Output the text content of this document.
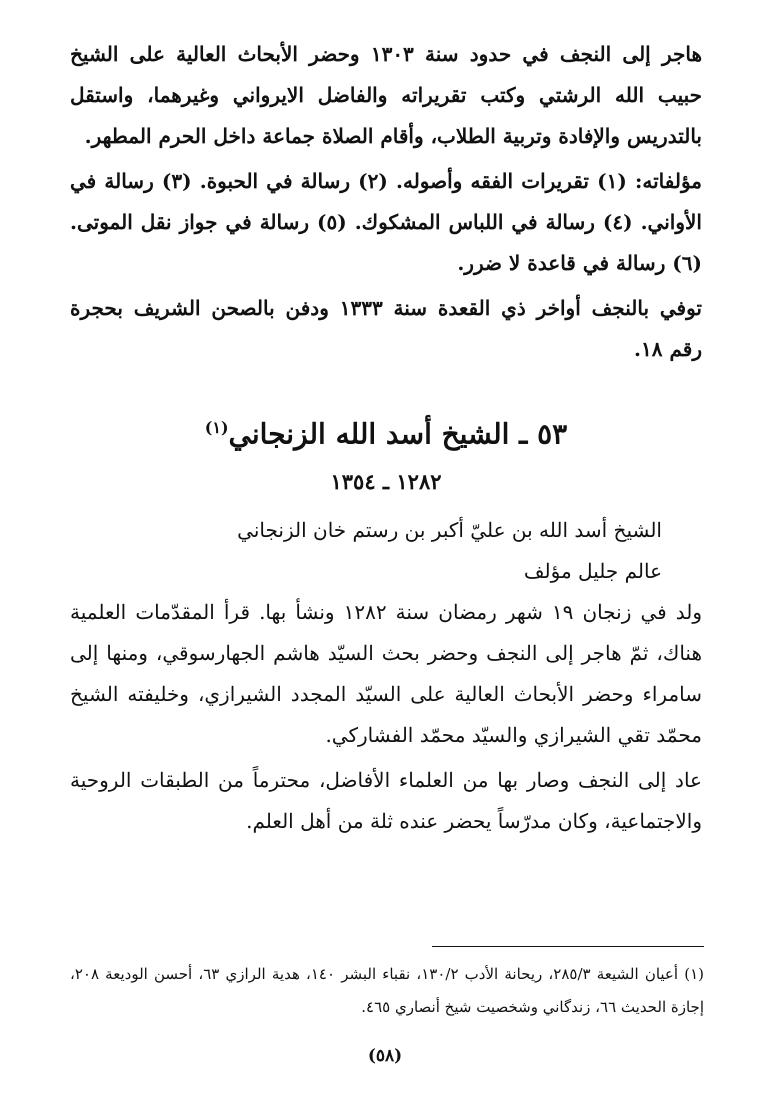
هاجر إلى النجف في حدود سنة ١٣٠٣ وحضر الأبحاث العالية على الشيخ حبيب الله الرشتي وكتب تقريراته والفاضل الايرواني وغيرهما، واستقل بالتدريس والإفادة وتربية الطلاب، وأقام الصلاة جماعة داخل الحرم المطهر.

مؤلفاته: (١) تقريرات الفقه وأصوله. (٢) رسالة في الحبوة. (٣) رسالة في الأواني. (٤) رسالة في اللباس المشكوك. (٥) رسالة في جواز نقل الموتى. (٦) رسالة في قاعدة لا ضرر.

توفي بالنجف أواخر ذي القعدة سنة ١٣٣٣ ودفن بالصحن الشريف بحجرة رقم ١٨.

٥٣ ـ الشيخ أسد الله الزنجاني$^{(١)}$
١٢٨٢ ـ ١٣٥٤

الشيخ أسد الله بن عليّ أكبر بن رستم خان الزنجاني

عالم جليل مؤلف

ولد في زنجان ١٩ شهر رمضان سنة ١٢٨٢ ونشأ بها. قرأ المقدّمات العلمية هناك، ثمّ هاجر إلى النجف وحضر بحث السيّد هاشم الجهارسوقي، ومنها إلى سامراء وحضر الأبحاث العالية على السيّد المجدد الشيرازي، وخليفته الشيخ محمّد تقي الشيرازي والسيّد محمّد الفشاركي.

عاد إلى النجف وصار بها من العلماء الأفاضل، محترماً من الطبقات الروحية والاجتماعية، وكان مدرّساً يحضر عنده ثلة من أهل العلم.

(١) أعيان الشيعة ٢٨٥/٣، ريحانة الأدب ١٣٠/٢، نقباء البشر ١٤٠، هدية الرازي ٦٣، أحسن الوديعة ٢٠٨، إجازة الحديث ٦٦، زندگاني وشخصيت شيخ أنصاري ٤٦٥.

(٥٨)
